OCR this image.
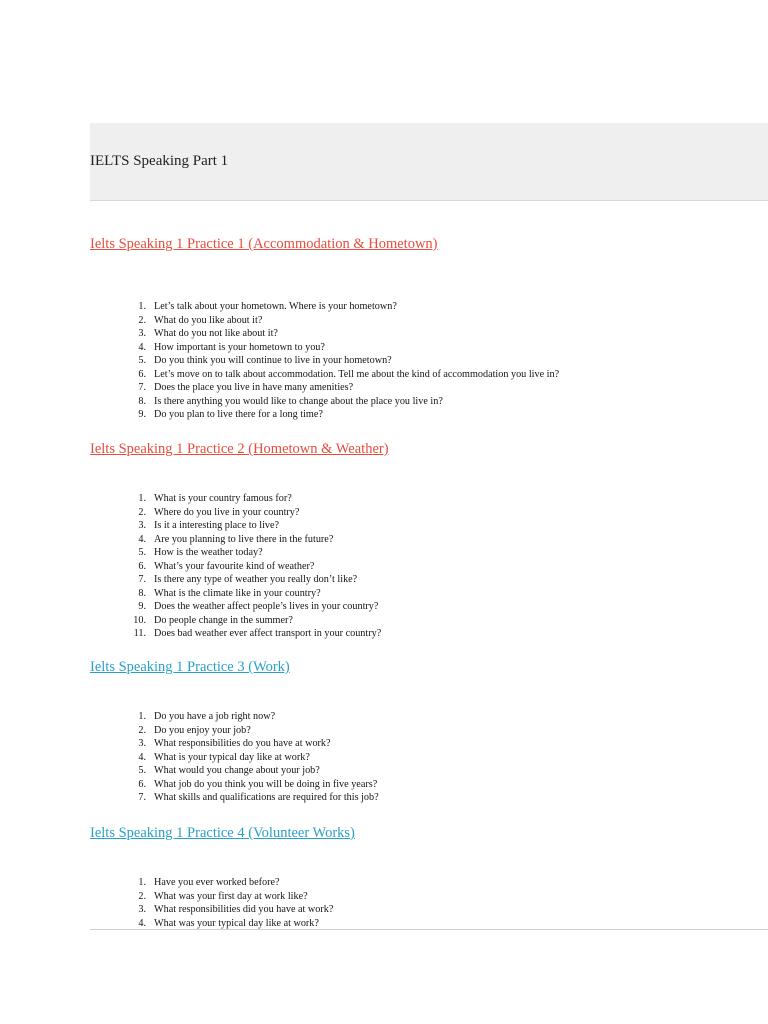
IELTS Speaking Part 1
Ielts Speaking 1 Practice 1 (Accommodation & Hometown)
1. Let’s talk about your hometown. Where is your hometown?
2. What do you like about it?
3. What do you not like about it?
4. How important is your hometown to you?
5. Do you think you will continue to live in your hometown?
6. Let’s move on to talk about accommodation. Tell me about the kind of accommodation you live in?
7. Does the place you live in have many amenities?
8. Is there anything you would like to change about the place you live in?
9. Do you plan to live there for a long time?
Ielts Speaking 1 Practice 2 (Hometown & Weather)
1. What is your country famous for?
2. Where do you live in your country?
3. Is it a interesting place to live?
4. Are you planning to live there in the future?
5. How is the weather today?
6. What’s your favourite kind of weather?
7. Is there any type of weather you really don’t like?
8. What is the climate like in your country?
9. Does the weather affect people’s lives in your country?
10. Do people change in the summer?
11. Does bad weather ever affect transport in your country?
Ielts Speaking 1 Practice 3 (Work)
1. Do you have a job right now?
2. Do you enjoy your job?
3. What responsibilities do you have at work?
4. What is your typical day like at work?
5. What would you change about your job?
6. What job do you think you will be doing in five years?
7. What skills and qualifications are required for this job?
Ielts Speaking 1 Practice 4 (Volunteer Works)
1. Have you ever worked before?
2. What was your first day at work like?
3. What responsibilities did you have at work?
4. What was your typical day like at work?
